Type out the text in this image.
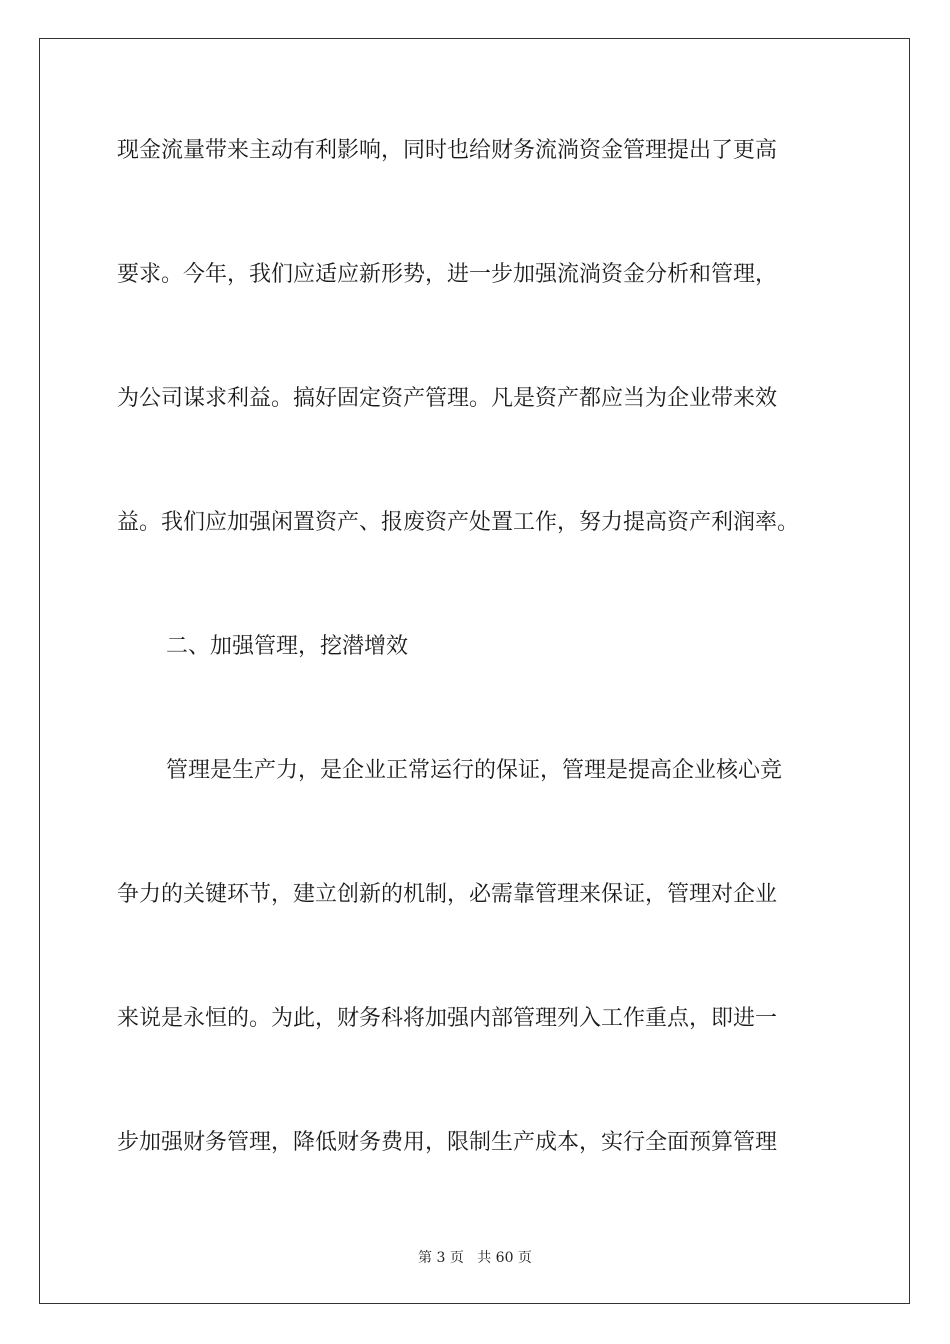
现金流量带来主动有利影响，同时也给财务流淌资金管理提出了更高
要求。今年，我们应适应新形势，进一步加强流淌资金分析和管理，
为公司谋求利益。搞好固定资产管理。凡是资产都应当为企业带来效
益。我们应加强闲置资产、报废资产处置工作，努力提高资产利润率。
二、加强管理，挖潜增效
管理是生产力，是企业正常运行的保证，管理是提高企业核心竞
争力的关键环节，建立创新的机制，必需靠管理来保证，管理对企业
来说是永恒的。为此，财务科将加强内部管理列入工作重点，即进一
步加强财务管理，降低财务费用，限制生产成本，实行全面预算管理
第 3 页 共 60 页
